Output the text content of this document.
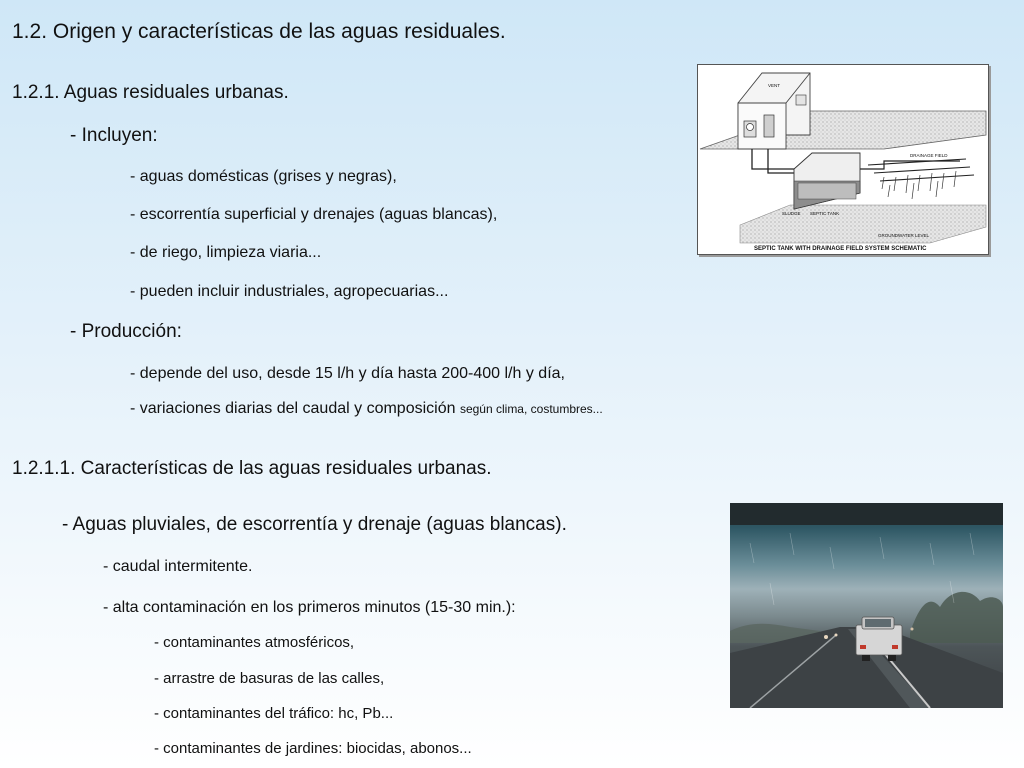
1.2. Origen y características de las aguas residuales.
1.2.1. Aguas residuales urbanas.
- Incluyen:
- aguas domésticas (grises y negras),
- escorrentía superficial y drenajes (aguas blancas),
- de riego, limpieza viaria...
- pueden incluir industriales, agropecuarias...
- Producción:
- depende del uso, desde 15 l/h y día hasta 200-400 l/h y día,
- variaciones diarias del caudal y composición según clima, costumbres...
1.2.1.1. Características de las aguas residuales urbanas.
- Aguas pluviales, de escorrentía y drenaje (aguas blancas).
- caudal intermitente.
- alta contaminación en los primeros minutos (15-30 min.):
- contaminantes atmosféricos,
- arrastre de basuras de las calles,
- contaminantes del tráfico: hc, Pb...
- contaminantes de jardines: biocidas, abonos...
VENT
DRAINAGE FIELD
SLUDGE SEPTIC TANK
GROUNDWATER LEVEL
SEPTIC TANK WITH DRAINAGE FIELD SYSTEM SCHEMATIC
